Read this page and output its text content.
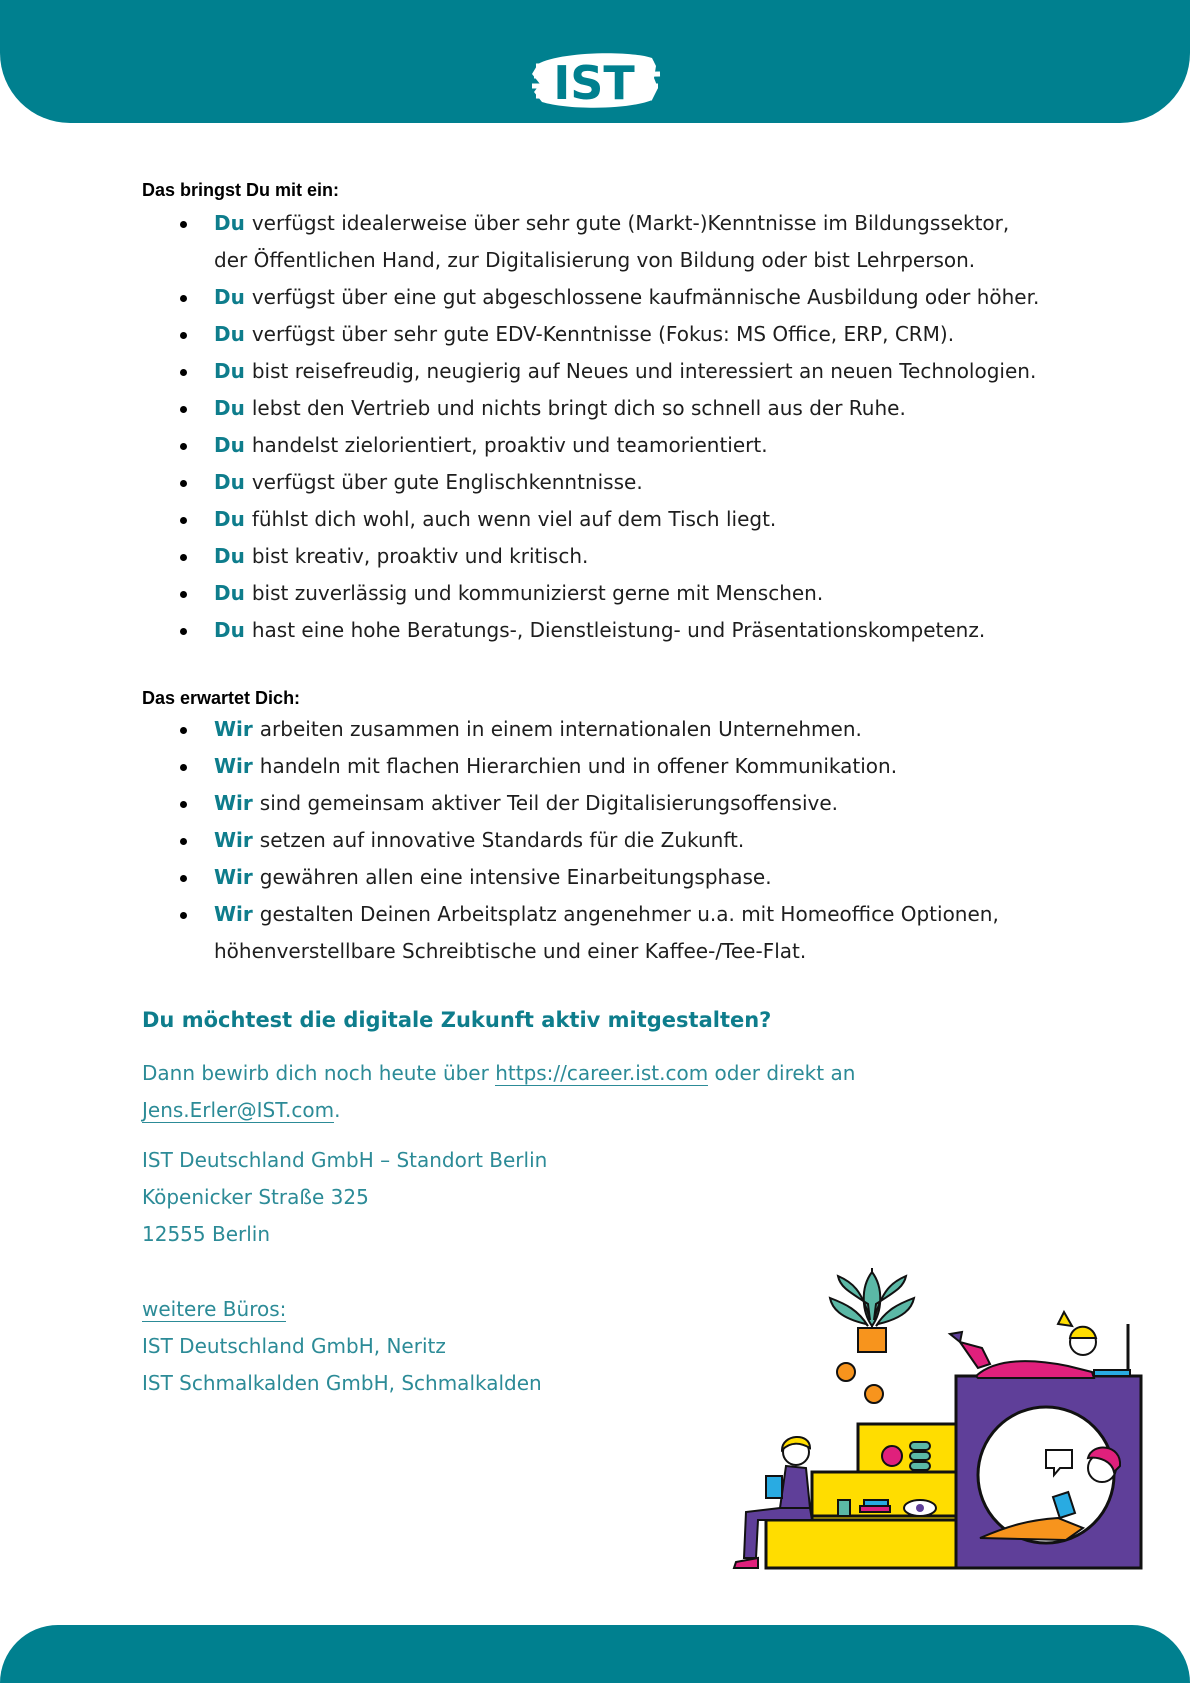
IST
Das bringst Du mit ein:
Du verfügst idealerweise über sehr gute (Markt-)Kenntnisse im Bildungssektor,
der Öffentlichen Hand, zur Digitalisierung von Bildung oder bist Lehrperson.
Du verfügst über eine gut abgeschlossene kaufmännische Ausbildung oder höher.
Du verfügst über sehr gute EDV-Kenntnisse (Fokus: MS Office, ERP, CRM).
Du bist reisefreudig, neugierig auf Neues und interessiert an neuen Technologien.
Du lebst den Vertrieb und nichts bringt dich so schnell aus der Ruhe.
Du handelst zielorientiert, proaktiv und teamorientiert.
Du verfügst über gute Englischkenntnisse.
Du fühlst dich wohl, auch wenn viel auf dem Tisch liegt.
Du bist kreativ, proaktiv und kritisch.
Du bist zuverlässig und kommunizierst gerne mit Menschen.
Du hast eine hohe Beratungs-, Dienstleistung- und Präsentationskompetenz.
Das erwartet Dich:
Wir arbeiten zusammen in einem internationalen Unternehmen.
Wir handeln mit flachen Hierarchien und in offener Kommunikation.
Wir sind gemeinsam aktiver Teil der Digitalisierungsoffensive.
Wir setzen auf innovative Standards für die Zukunft.
Wir gewähren allen eine intensive Einarbeitungsphase.
Wir gestalten Deinen Arbeitsplatz angenehmer u.a. mit Homeoffice Optionen,
höhenverstellbare Schreibtische und einer Kaffee-/Tee-Flat.
Du möchtest die digitale Zukunft aktiv mitgestalten?
Dann bewirb dich noch heute über https://career.ist.com oder direkt an
Jens.Erler@IST.com.
IST Deutschland GmbH – Standort Berlin
Köpenicker Straße 325
12555 Berlin
weitere Büros:
IST Deutschland GmbH, Neritz
IST Schmalkalden GmbH, Schmalkalden
